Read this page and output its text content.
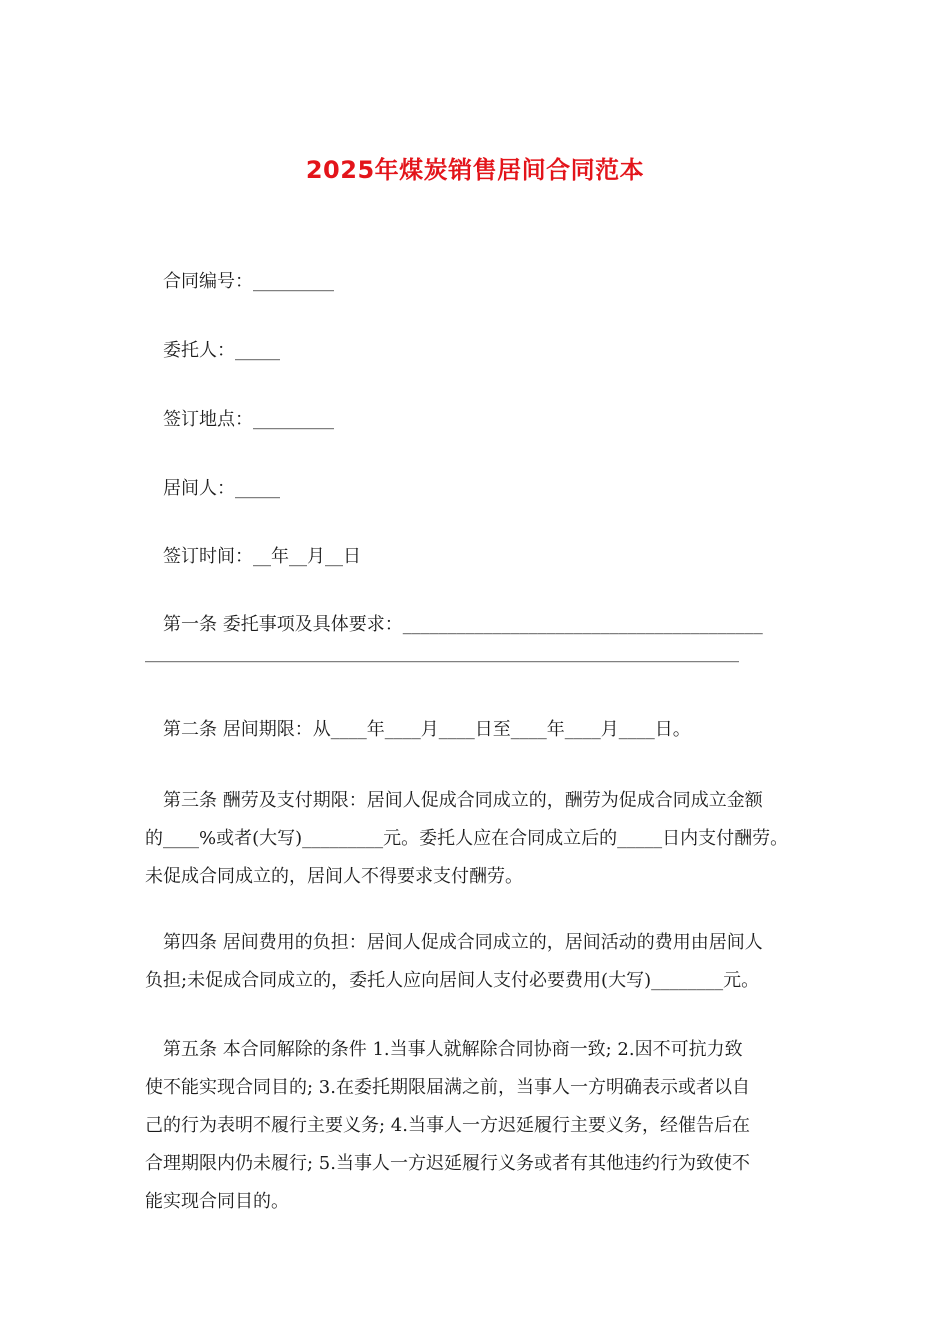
2025年煤炭销售居间合同范本
合同编号：_________
委托人：_____
签订地点：_________
居间人：_____
签订时间：__年__月__日
第一条 委托事项及具体要求：________________________________________
__________________________________________________________________
第二条 居间期限：从____年____月____日至____年____月____日。
第三条 酬劳及支付期限：居间人促成合同成立的，酬劳为促成合同成立金额
的____%或者(大写)_________元。委托人应在合同成立后的_____日内支付酬劳。
未促成合同成立的，居间人不得要求支付酬劳。
第四条 居间费用的负担：居间人促成合同成立的，居间活动的费用由居间人
负担;未促成合同成立的，委托人应向居间人支付必要费用(大写)________元。
第五条 本合同解除的条件 1.当事人就解除合同协商一致; 2.因不可抗力致
使不能实现合同目的; 3.在委托期限届满之前，当事人一方明确表示或者以自
己的行为表明不履行主要义务; 4.当事人一方迟延履行主要义务，经催告后在
合理期限内仍未履行; 5.当事人一方迟延履行义务或者有其他违约行为致使不
能实现合同目的。
